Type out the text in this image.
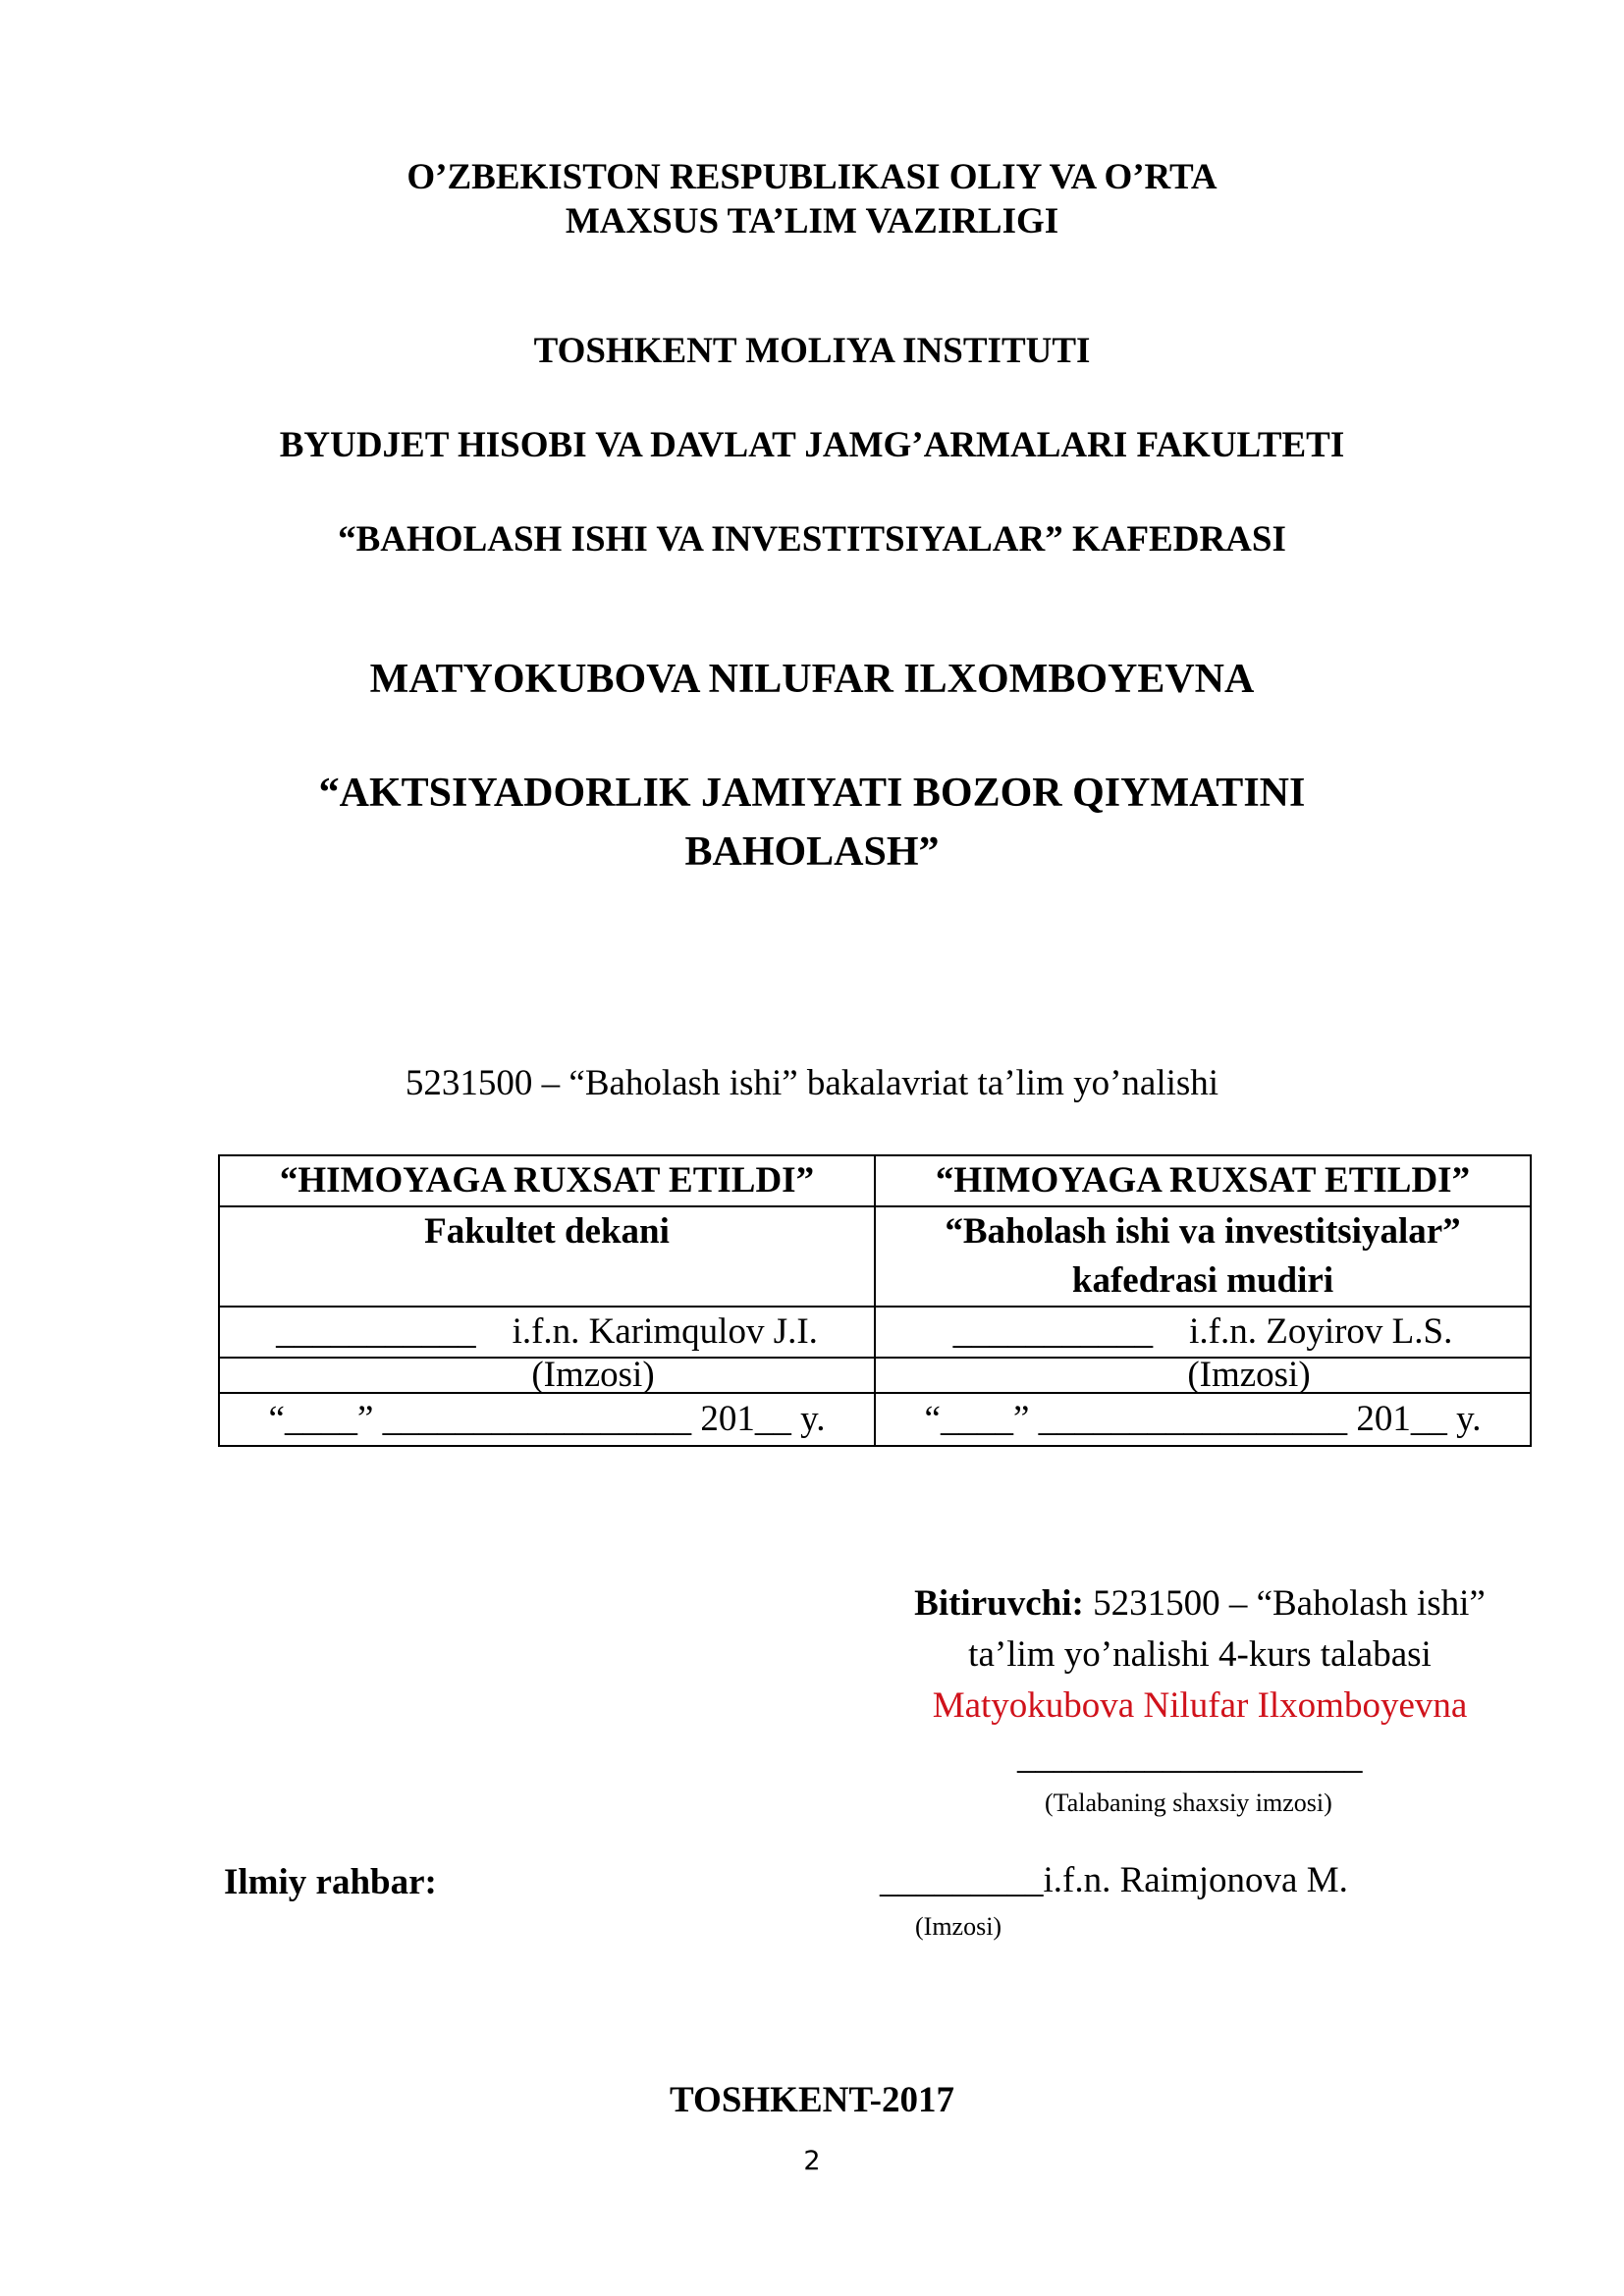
O’ZBEKISTON RESPUBLIKASI OLIY VA O’RTA
MAXSUS TA’LIM VAZIRLIGI
TOSHKENT MOLIYA INSTITUTI
BYUDJET HISOBI VA DAVLAT JAMG’ARMALARI FAKULTETI
“BAHOLASH ISHI VA INVESTITSIYALAR” KAFEDRASI
MATYOKUBOVA NILUFAR ILXOMBOYEVNA
“AKTSIYADORLIK JAMIYATI BOZOR QIYMATINI
BAHOLASH”
5231500 – “Baholash ishi” bakalavriat ta’lim yo’nalishi
“HIMOYAGA RUXSAT ETILDI”	“HIMOYAGA RUXSAT ETILDI”
Fakultet dekani	“Baholash ishi va investitsiyalar”
kafedrasi mudiri

___________ i.f.n. Karimqulov J.I.	___________ i.f.n. Zoyirov L.S.
(Imzosi)	(Imzosi)
“____” _________________ 201__ y.	“____” _________________ 201__ y.
Bitiruvchi: 5231500 – “Baholash ishi”
ta’lim yo’nalishi 4-kurs talabasi
Matyokubova Nilufar Ilxomboyevna
___________________
(Talabaning shaxsiy imzosi)
Ilmiy rahbar:	_________i.f.n. Raimjonova M.
(Imzosi)
TOSHKENT-2017
2
